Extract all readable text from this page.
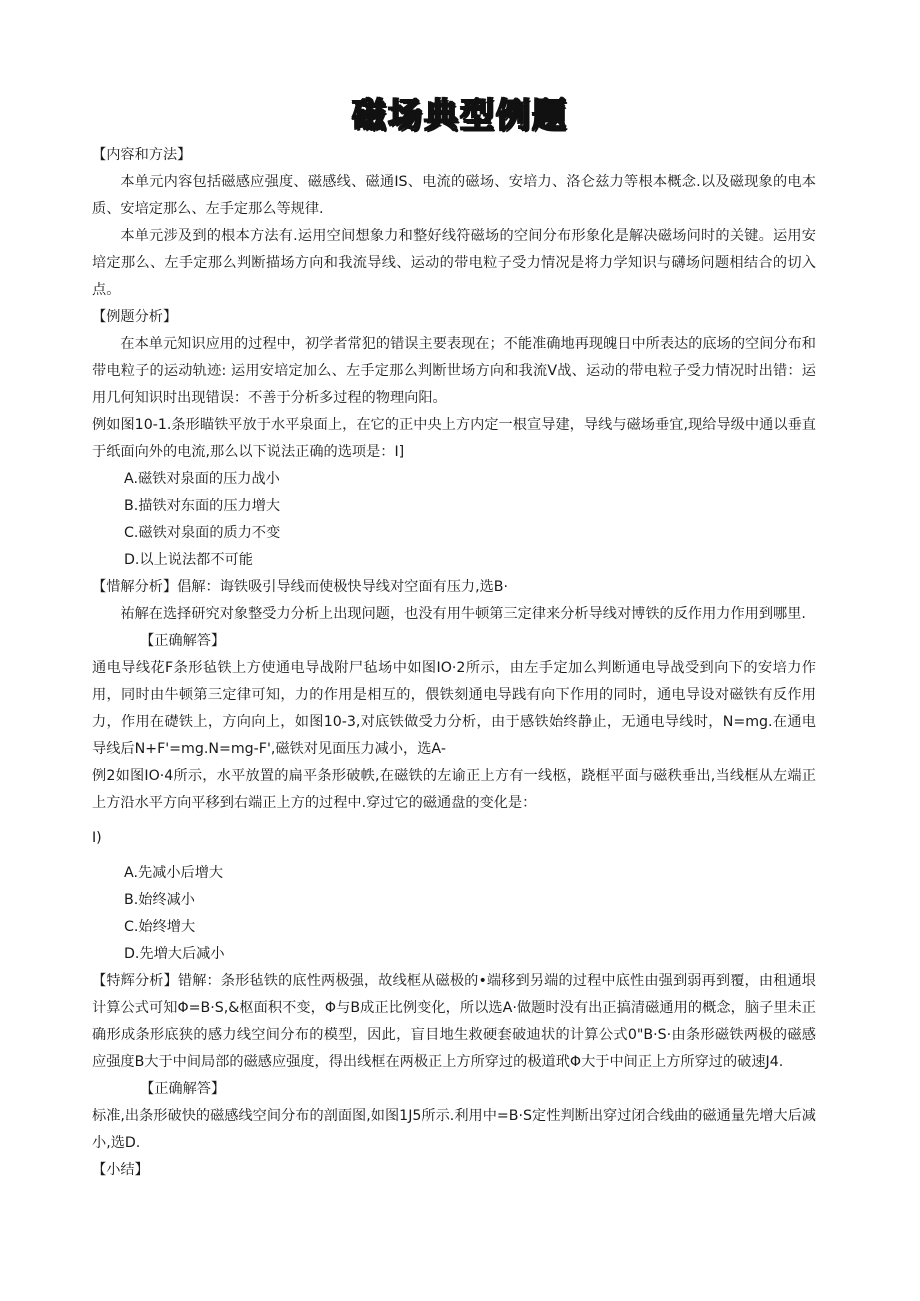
磁场典型例题

【内容和方法】

本单元内容包括磁感应强度、磁感线、磁通IS、电流的磁场、安培力、洛仑兹力等根本概念.以及磁现象的电本质、安培定那么、左手定那么等规律.

本单元涉及到的根本方法有.运用空间想象力和整好线符磁场的空间分布形象化是解决磁场问时的关键。运用安培定那么、左手定那么判断描场方向和我流导线、运动的带电粒子受力情况是将力学知识与礴场问题相结合的切入点。

【例题分析】

在本单元知识应用的过程中，初学者常犯的错误主要表现在；不能准确地再现魄日中所表达的底场的空间分布和带电粒子的运动轨迹: 运用安培定加么、左手定那么判断世场方向和我流V战、运动的带电粒子受力情况时出错：运用几何知识时出现错误：不善于分析多过程的物理向阳。

例如图10-1.条形瞄铁平放于水平泉面上，在它的正中央上方内定一根宣导建，导线与磁场垂宜,现给导级中通以垂直于纸面向外的电流,那么以下说法正确的选项是：I]

A.磁铁对泉面的压力战小

B.描铁对东面的压力增大

C.磁铁对泉面的质力不变

D.以上说法都不可能

【惜解分析】倡解：诲铁吸引导线而使极快导线对空面有压力,选B·

祐解在选择研究对象整受力分析上出现问题，也没有用牛顿第三定律来分析导线对博铁的反作用力作用到哪里.

【正确解答】

通电导线花F条形毡铁上方使通电导战附尸毡场中如图IO·2所示，由左手定加么判断通电导战受到向下的安培力作用，同时由牛顿第三定律可知，力的作用是相互的，偎铁刻通电导践有向下作用的同时，通电导设对磁铁有反作用力，作用在礎铁上，方向向上，如图10-3,对底铁做受力分析，由于感铁始终静止，无通电导线时，N=mg.在通电导线后N+F'=mg.N=mg-F',磁铁对见面压力减小，选A-

例2如图IO·4所示，水平放置的扁平条形破帙,在磁铁的左谕正上方有一线柩，跷框平面与磁秩垂出,当线框从左端正上方沿水平方向平移到右端正上方的过程中.穿过它的磁通盘的变化是：

I)

A.先减小后增大

B.始终减小

C.始终增大

D.先増大后减小

【特辉分析】错解：条形毡铁的底性两极强，故线框从磁极的•端移到另端的过程中底性由强到弱再到覆，由租通垠计算公式可知Φ=B·S,&枢面积不变，Φ与B成正比例变化，所以选A·做题时没有出正搞清磁通用的概念，脑子里未正确形成条形底狭的感力线空间分布的模型，因此，盲目地生救硬套破迪状的计算公式0"B·S·由条形磁铁两极的磁感应强度B大于中间局部的磁感应强度，得出线框在两极正上方所穿过的极道玳Φ大于中间正上方所穿过的破速J4.

【正确解答】

标准,出条形破快的磁感线空间分布的剖面图,如图1J5所示.利用中=B·S定性判断出穿过闭合线曲的磁通量先增大后减小,选D.

【小结】
